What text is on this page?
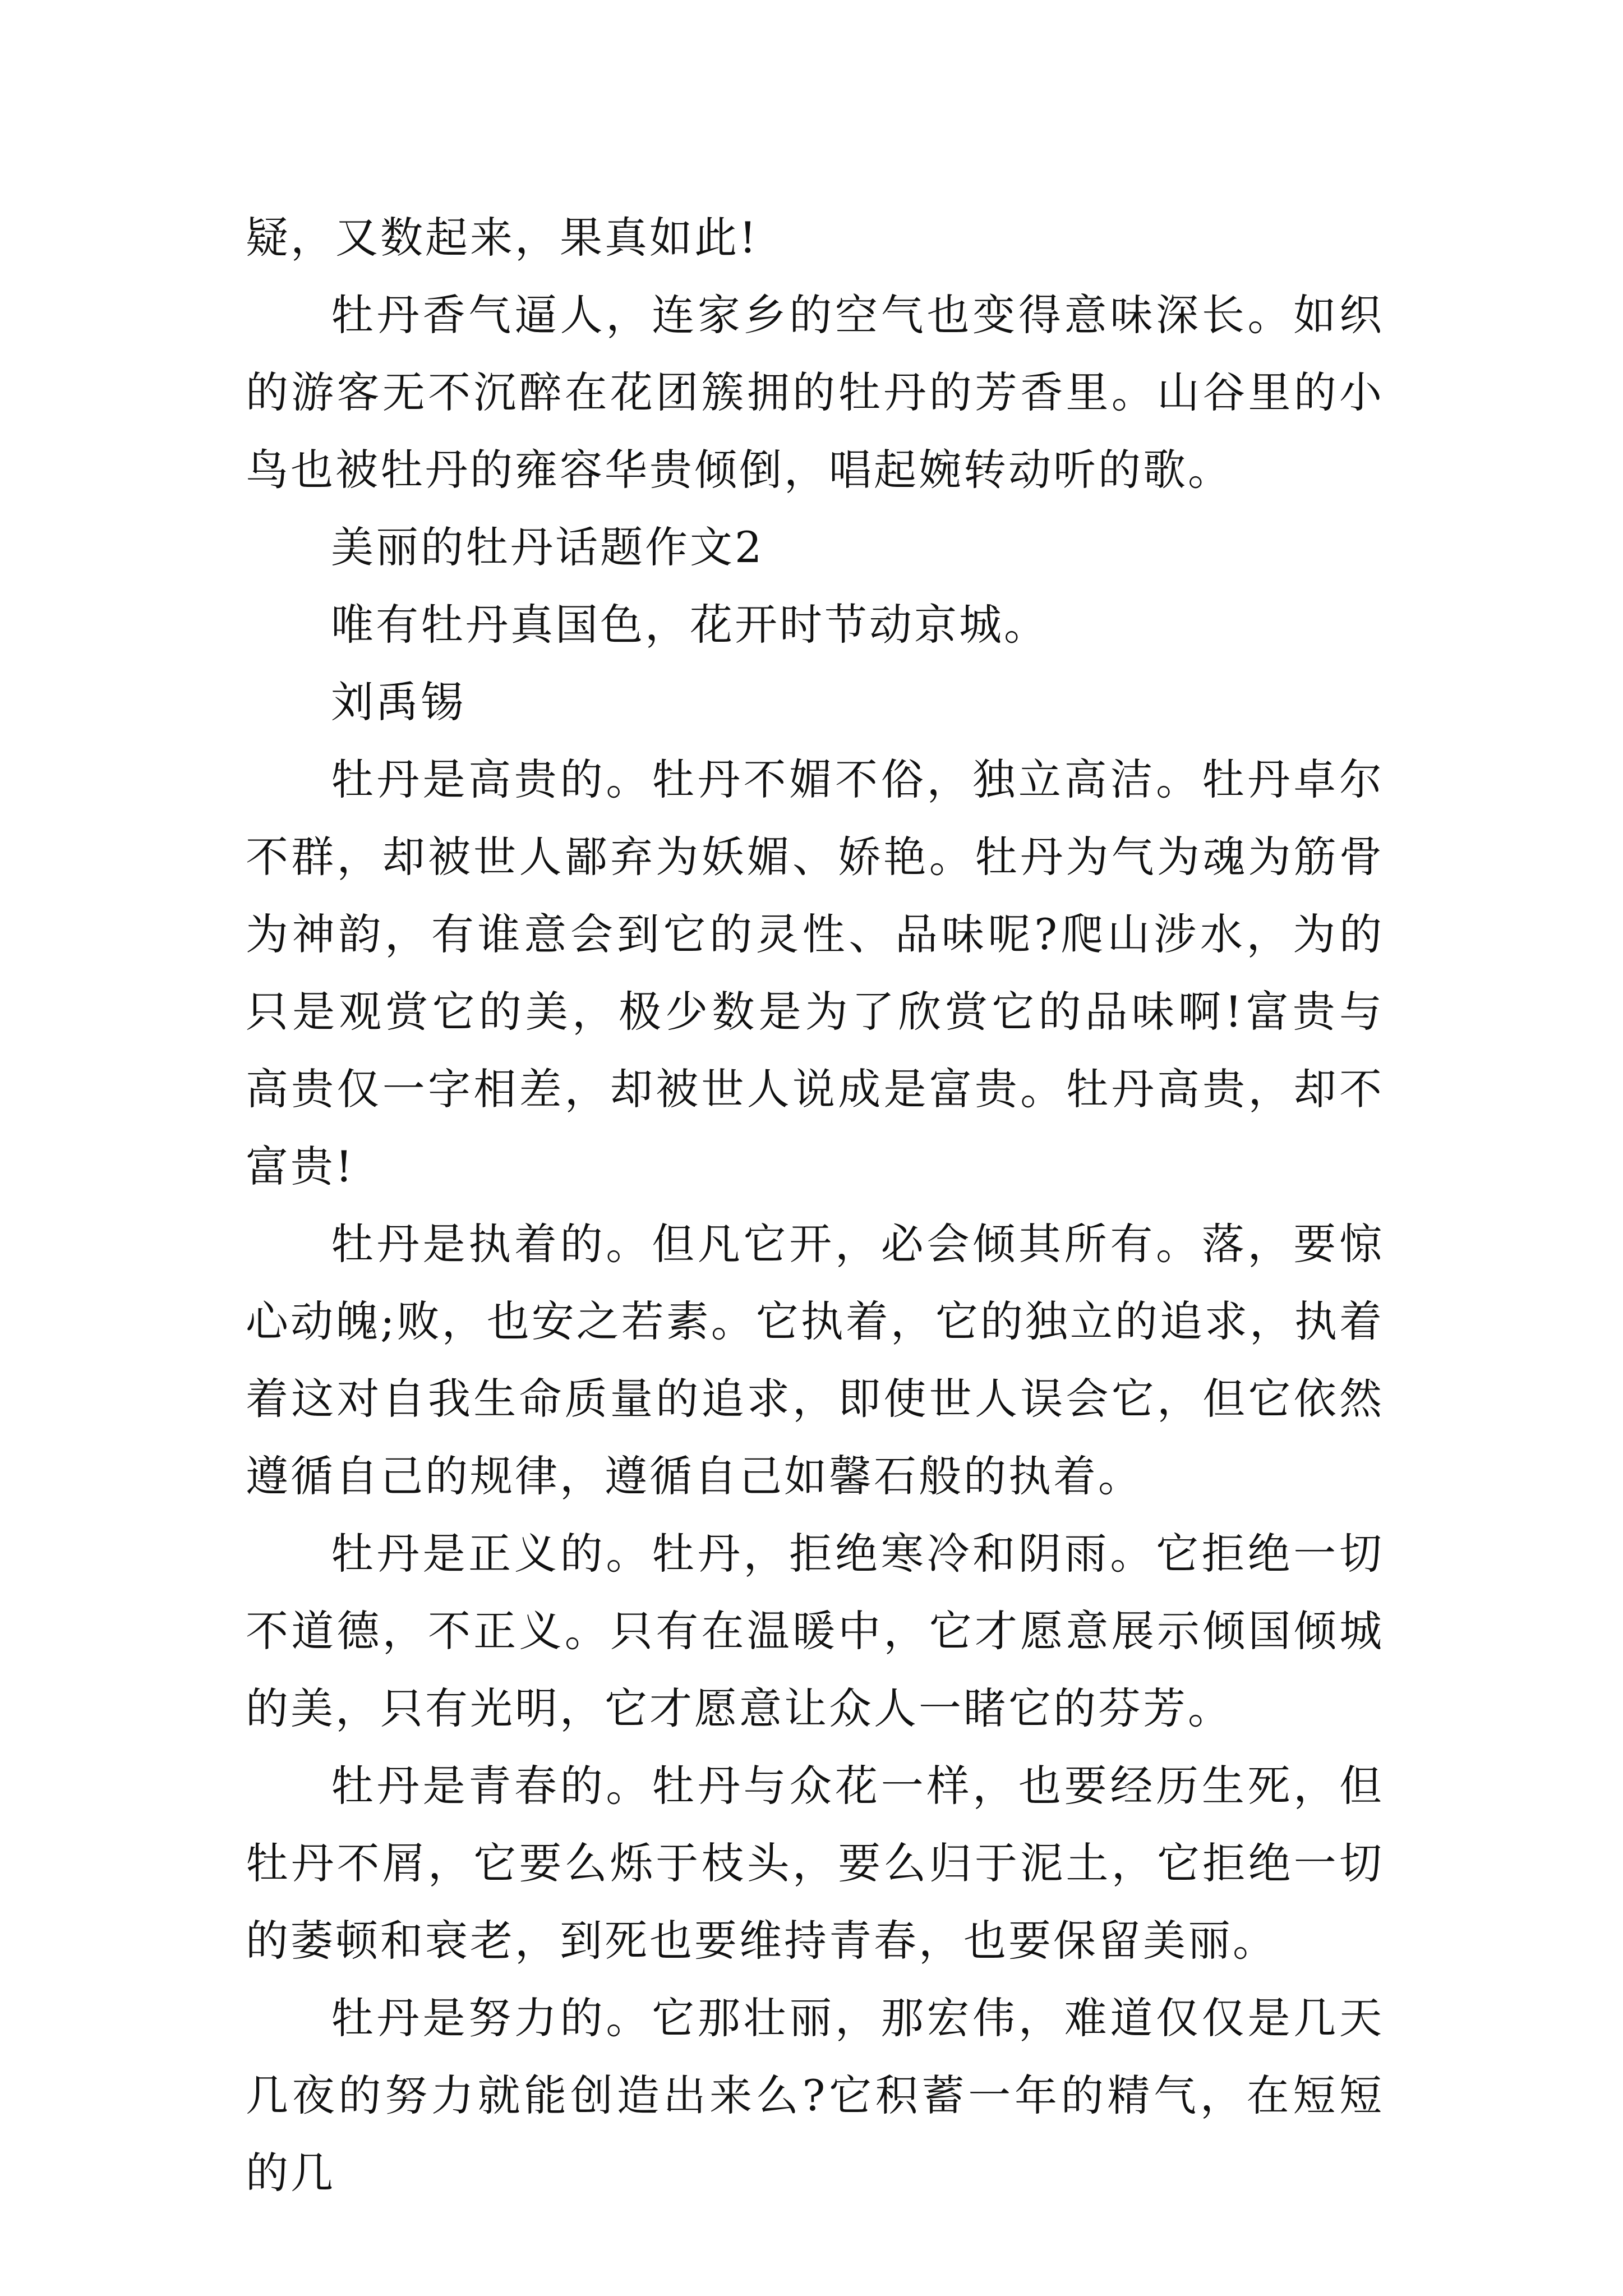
疑，又数起来，果真如此!

牡丹香气逼人，连家乡的空气也变得意味深长。如织的游客无不沉醉在花团簇拥的牡丹的芳香里。山谷里的小鸟也被牡丹的雍容华贵倾倒，唱起婉转动听的歌。

美丽的牡丹话题作文2

唯有牡丹真国色，花开时节动京城。

刘禹锡

牡丹是高贵的。牡丹不媚不俗，独立高洁。牡丹卓尔不群，却被世人鄙弃为妖媚、娇艳。牡丹为气为魂为筋骨为神韵，有谁意会到它的灵性、品味呢?爬山涉水，为的只是观赏它的美，极少数是为了欣赏它的品味啊!富贵与高贵仅一字相差，却被世人说成是富贵。牡丹高贵，却不富贵!

牡丹是执着的。但凡它开，必会倾其所有。落，要惊心动魄;败，也安之若素。它执着，它的独立的追求，执着着这对自我生命质量的追求，即使世人误会它，但它依然遵循自己的规律，遵循自己如馨石般的执着。

牡丹是正义的。牡丹，拒绝寒冷和阴雨。它拒绝一切不道德，不正义。只有在温暖中，它才愿意展示倾国倾城的美，只有光明，它才愿意让众人一睹它的芬芳。

牡丹是青春的。牡丹与众花一样，也要经历生死，但牡丹不屑，它要么烁于枝头，要么归于泥土，它拒绝一切的萎顿和衰老，到死也要维持青春，也要保留美丽。

牡丹是努力的。它那壮丽，那宏伟，难道仅仅是几天几夜的努力就能创造出来么?它积蓄一年的精气，在短短的几
